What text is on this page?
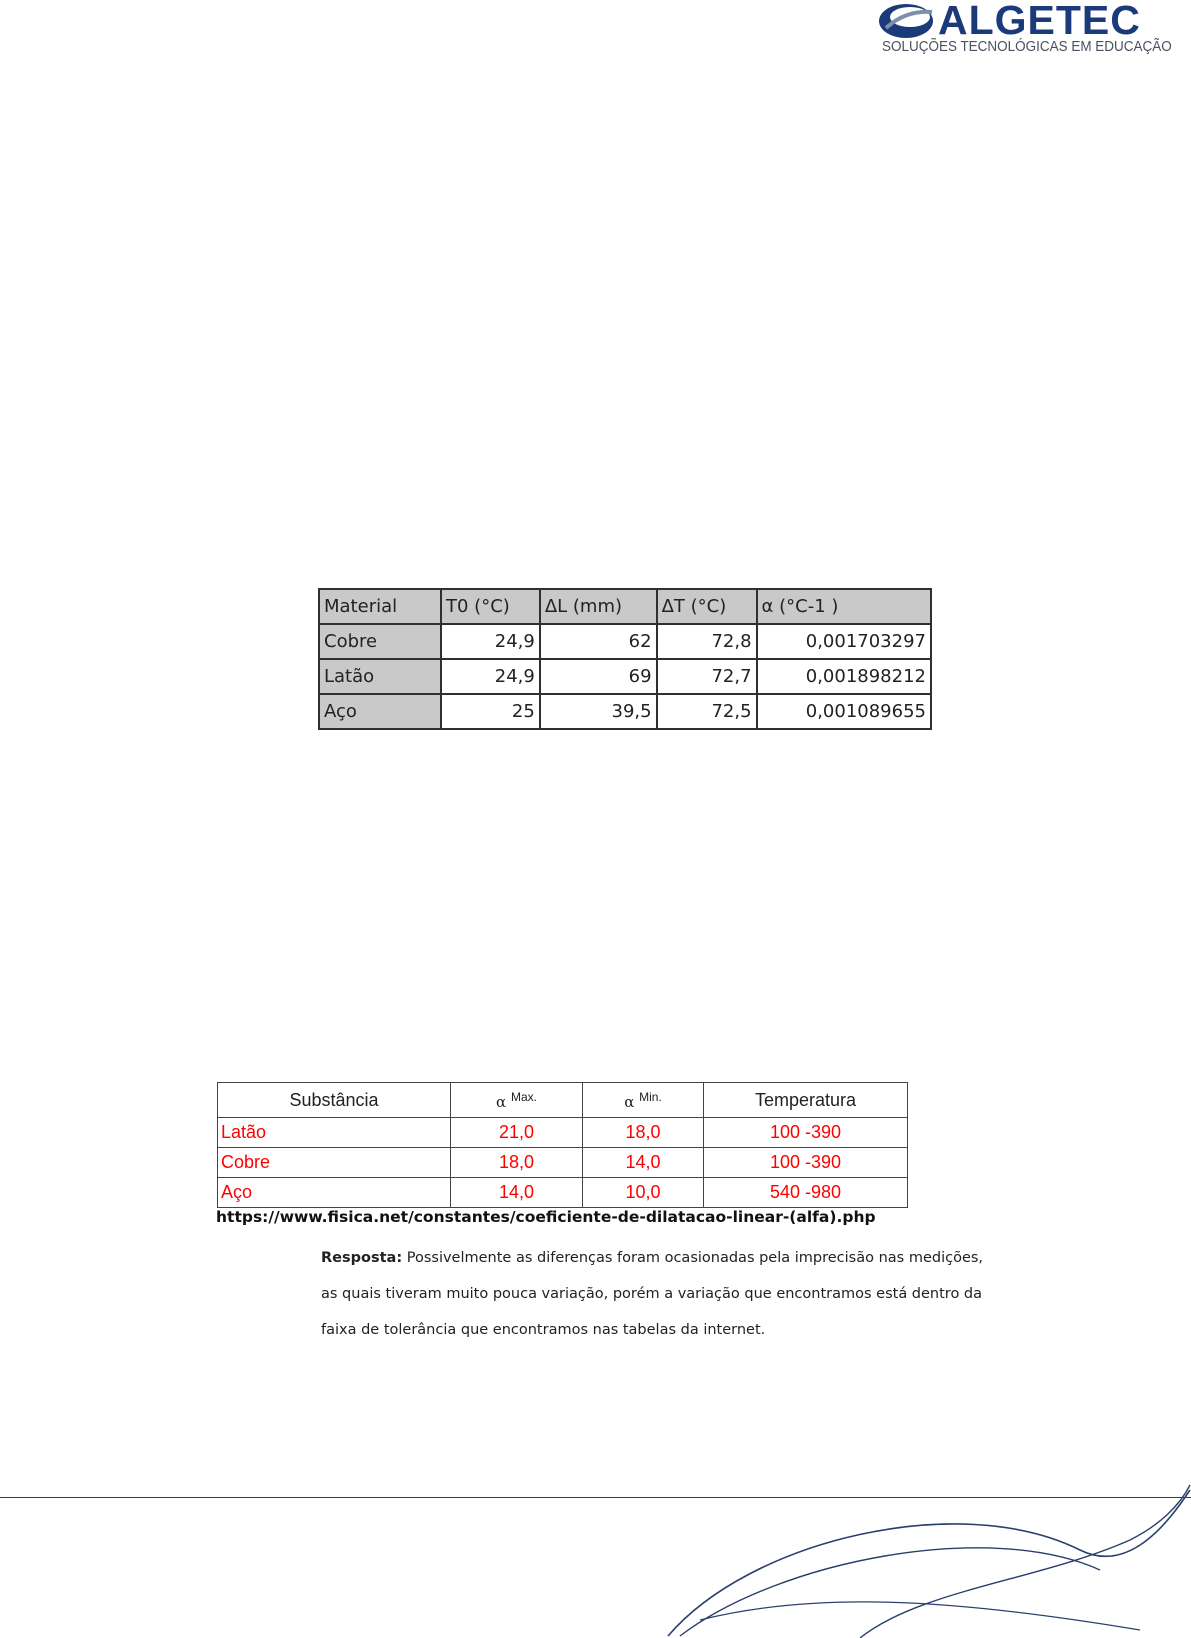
ALGETEC
SOLUÇÕES TECNOLÓGICAS EM EDUCAÇÃO
Material	T0 (°C)	ΔL (mm)	ΔT (°C)	α (°C-1 )
Cobre	24,9	62	72,8	0,001703297
Latão	24,9	69	72,7	0,001898212
Aço	25	39,5	72,5	0,001089655
Substância	α $^{Max.}$	α $^{Min.}$	Temperatura
Latão	21,0	18,0	100 -390
Cobre	18,0	14,0	100 -390
Aço	14,0	10,0	540 -980
https://www.fisica.net/constantes/coeficiente-de-dilatacao-linear-(alfa).php
Resposta: Possivelmente as diferenças foram ocasionadas pela imprecisão nas medições, as quais tiveram muito pouca variação, porém a variação que encontramos está dentro da faixa de tolerância que encontramos nas tabelas da internet.
